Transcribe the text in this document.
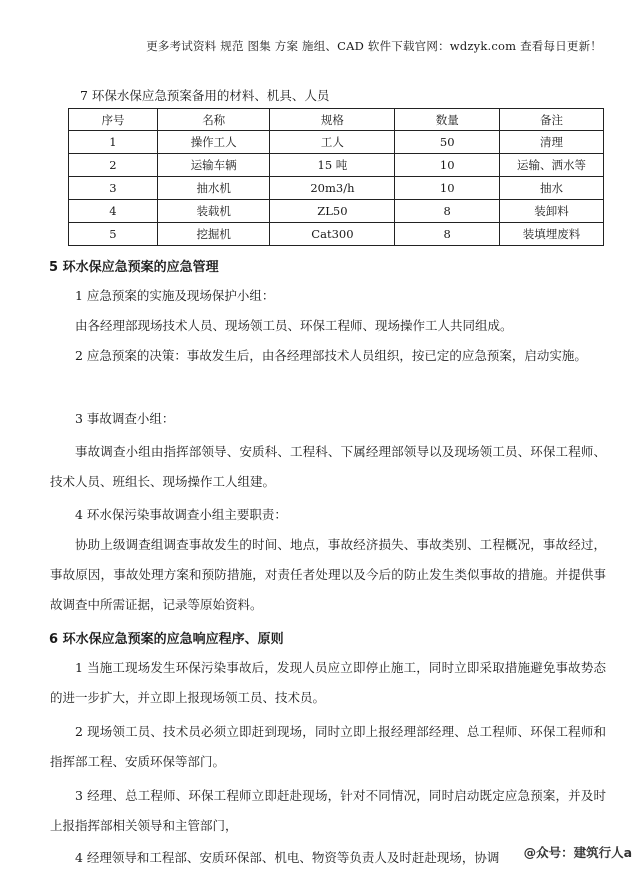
更多考试资料 规范 图集 方案 施组、CAD 软件下载官网：wdzyk.com 查看每日更新！
7 环保水保应急预案备用的材料、机具、人员
序号	名称	规格	数量	备注
1	操作工人	工人	50	清理
2	运输车辆	15 吨	10	运输、洒水等
3	抽水机	20m3/h	10	抽水
4	装载机	ZL50	8	装卸料
5	挖掘机	Cat300	8	装填埋废料
5 环水保应急预案的应急管理
1 应急预案的实施及现场保护小组：
由各经理部现场技术人员、现场领工员、环保工程师、现场操作工人共同组成。
2 应急预案的决策：事故发生后，由各经理部技术人员组织，按已定的应急预案，启动实施。
3 事故调查小组：
事故调查小组由指挥部领导、安质科、工程科、下属经理部领导以及现场领工员、环保工程师、技术人员、班组长、现场操作工人组建。
4 环水保污染事故调查小组主要职责：
协助上级调查组调查事故发生的时间、地点，事故经济损失、事故类别、工程概况，事故经过，事故原因，事故处理方案和预防措施，对责任者处理以及今后的防止发生类似事故的措施。并提供事故调查中所需证据，记录等原始资料。
6 环水保应急预案的应急响应程序、原则
1 当施工现场发生环保污染事故后，发现人员应立即停止施工，同时立即采取措施避免事故势态的进一步扩大，并立即上报现场领工员、技术员。
2 现场领工员、技术员必须立即赶到现场，同时立即上报经理部经理、总工程师、环保工程师和指挥部工程、安质环保等部门。
3 经理、总工程师、环保工程师立即赶赴现场，针对不同情况，同时启动既定应急预案，并及时上报指挥部相关领导和主管部门，
4 经理领导和工程部、安质环保部、机电、物资等负责人及时赶赴现场，协调	@众号：建筑行人a
